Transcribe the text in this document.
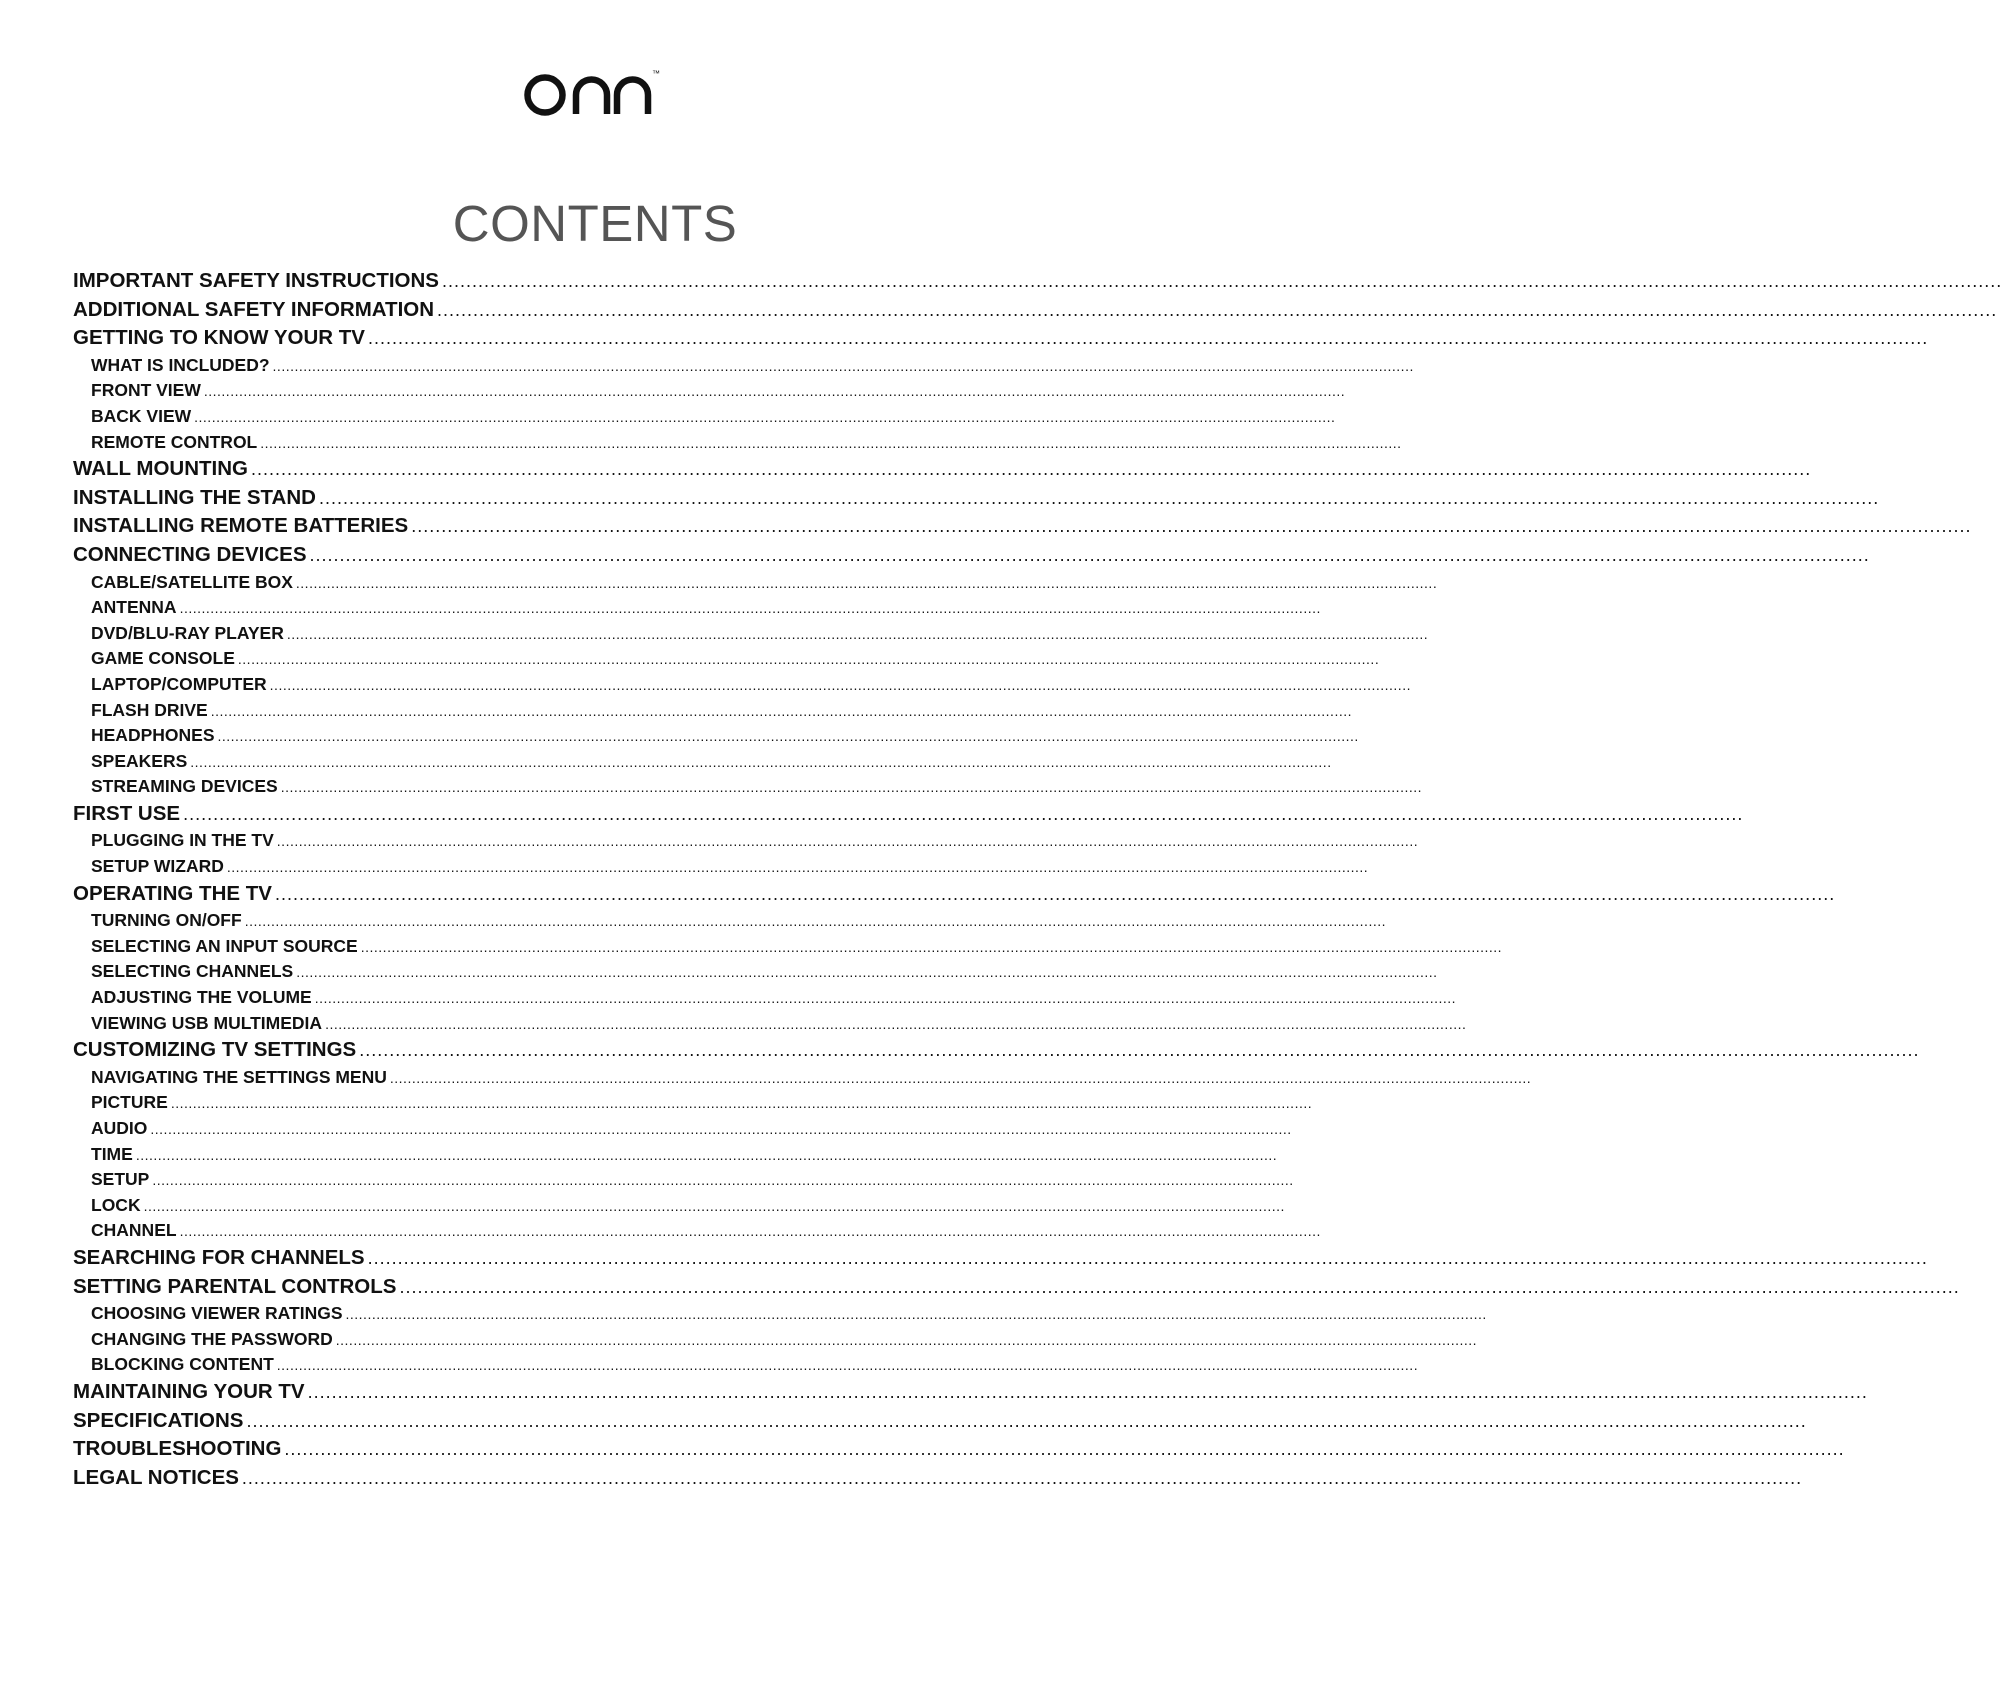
™
CONTENTS
IMPORTANT SAFETY INSTRUCTIONS ....................................................................................................................................................................................................................................................................
ADDITIONAL SAFETY INFORMATION ....................................................................................................................................................................................................................................................................
GETTING TO KNOW YOUR TV ....................................................................................................................................................................................................................................................................
WHAT IS INCLUDED? ....................................................................................................................................................................................................................................................................
FRONT VIEW ....................................................................................................................................................................................................................................................................
BACK VIEW ....................................................................................................................................................................................................................................................................
REMOTE CONTROL ....................................................................................................................................................................................................................................................................
WALL MOUNTING ....................................................................................................................................................................................................................................................................
INSTALLING THE STAND ....................................................................................................................................................................................................................................................................
INSTALLING REMOTE BATTERIES ....................................................................................................................................................................................................................................................................
CONNECTING DEVICES ....................................................................................................................................................................................................................................................................
CABLE/SATELLITE BOX ....................................................................................................................................................................................................................................................................
ANTENNA ....................................................................................................................................................................................................................................................................
DVD/BLU-RAY PLAYER ....................................................................................................................................................................................................................................................................
GAME CONSOLE ....................................................................................................................................................................................................................................................................
LAPTOP/COMPUTER ....................................................................................................................................................................................................................................................................
FLASH DRIVE ....................................................................................................................................................................................................................................................................
HEADPHONES ....................................................................................................................................................................................................................................................................
SPEAKERS ....................................................................................................................................................................................................................................................................
STREAMING DEVICES ....................................................................................................................................................................................................................................................................
FIRST USE ....................................................................................................................................................................................................................................................................
PLUGGING IN THE TV ....................................................................................................................................................................................................................................................................
SETUP WIZARD ....................................................................................................................................................................................................................................................................
OPERATING THE TV ....................................................................................................................................................................................................................................................................
TURNING ON/OFF ....................................................................................................................................................................................................................................................................
SELECTING AN INPUT SOURCE ....................................................................................................................................................................................................................................................................
SELECTING CHANNELS ....................................................................................................................................................................................................................................................................
ADJUSTING THE VOLUME ....................................................................................................................................................................................................................................................................
VIEWING USB MULTIMEDIA ....................................................................................................................................................................................................................................................................
CUSTOMIZING TV SETTINGS ....................................................................................................................................................................................................................................................................
NAVIGATING THE SETTINGS MENU ....................................................................................................................................................................................................................................................................
PICTURE ....................................................................................................................................................................................................................................................................
AUDIO ....................................................................................................................................................................................................................................................................
TIME ....................................................................................................................................................................................................................................................................
SETUP ....................................................................................................................................................................................................................................................................
LOCK ....................................................................................................................................................................................................................................................................
CHANNEL ....................................................................................................................................................................................................................................................................
SEARCHING FOR CHANNELS ....................................................................................................................................................................................................................................................................
SETTING PARENTAL CONTROLS ....................................................................................................................................................................................................................................................................
CHOOSING VIEWER RATINGS ....................................................................................................................................................................................................................................................................
CHANGING THE PASSWORD ....................................................................................................................................................................................................................................................................
BLOCKING CONTENT ....................................................................................................................................................................................................................................................................
MAINTAINING YOUR TV ....................................................................................................................................................................................................................................................................
SPECIFICATIONS ....................................................................................................................................................................................................................................................................
TROUBLESHOOTING ....................................................................................................................................................................................................................................................................
LEGAL NOTICES ....................................................................................................................................................................................................................................................................
